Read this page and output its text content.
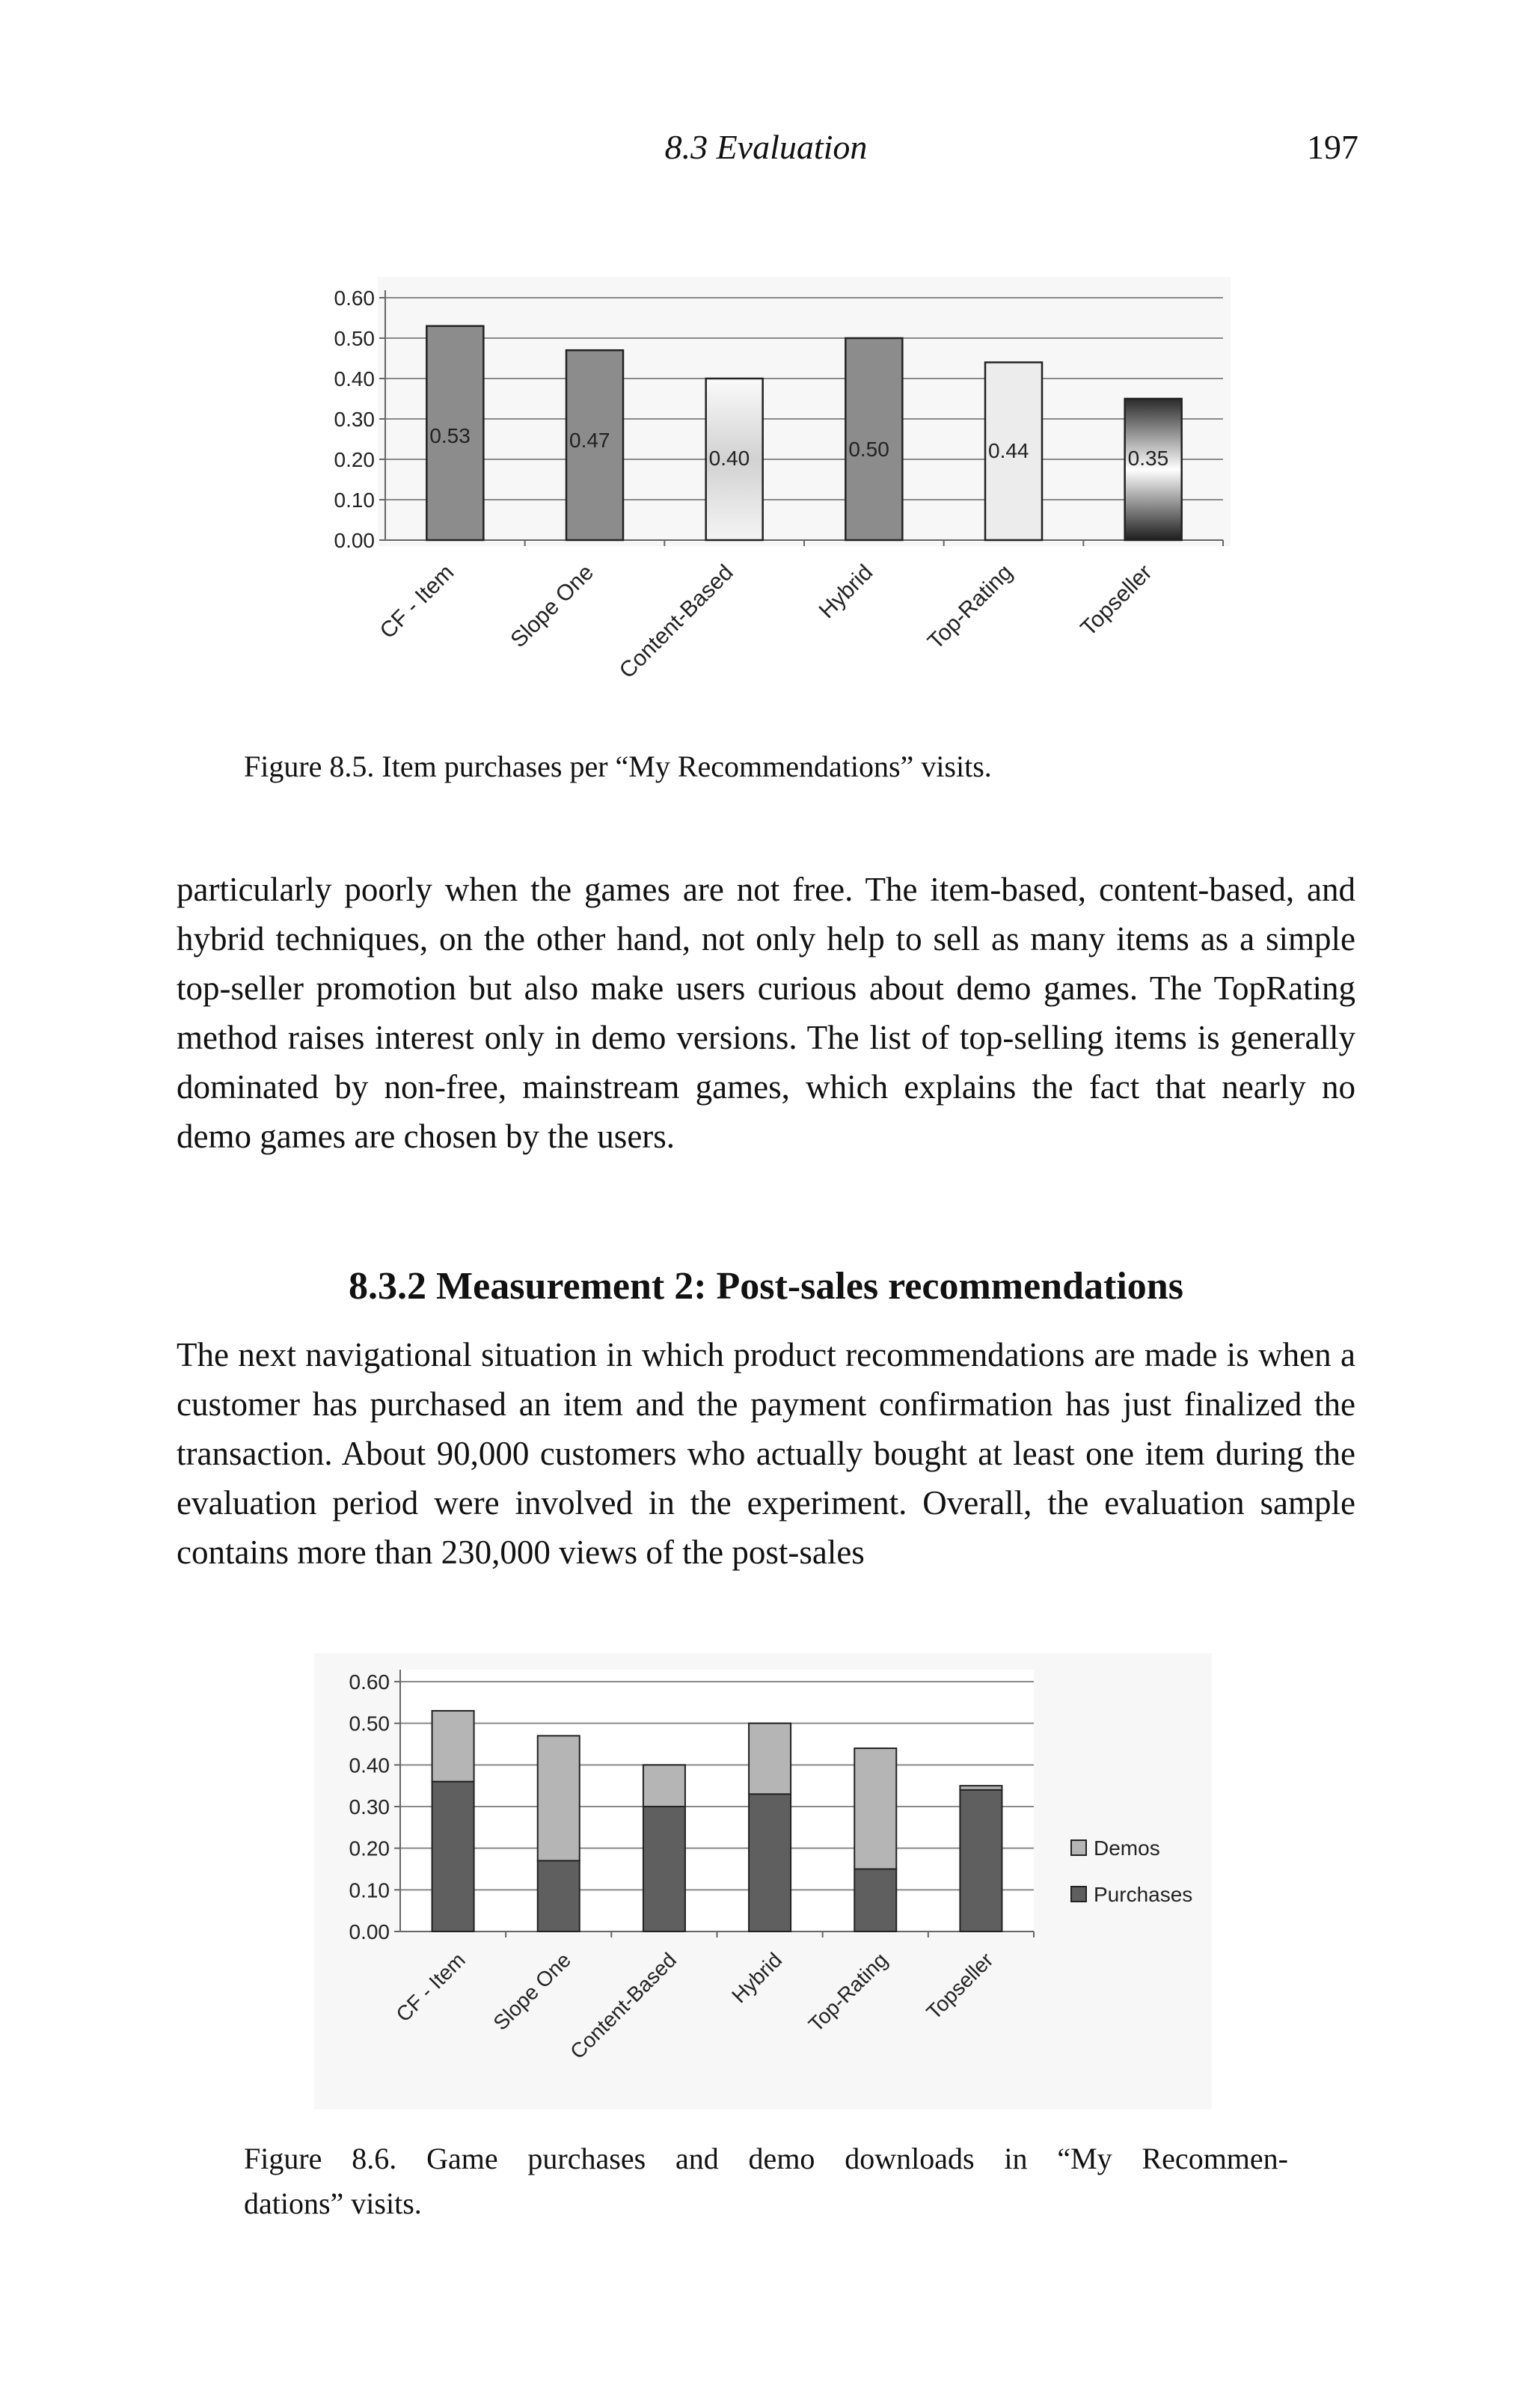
8.3 Evaluation	197
0.00
0.10
0.20
0.30
0.40
0.50
0.60
0.53
CF - Item
0.47
Slope One
0.40
Content-Based
0.50
Hybrid
0.44
Top-Rating
0.35
Topseller
Figure 8.5. Item purchases per “My Recommendations” visits.

particularly poorly when the games are not free. The item-based, content-based, and hybrid techniques, on the other hand, not only help to sell as many items as a simple top-seller promotion but also make users curious about demo games. The TopRating method raises interest only in demo versions. The list of top-selling items is generally dominated by non-free, mainstream games, which explains the fact that nearly no demo games are chosen by the users.

8.3.2 Measurement 2: Post-sales recommendations

The next navigational situation in which product recommendations are made is when a customer has purchased an item and the payment confirmation has just finalized the transaction. About 90,000 customers who actually bought at least one item during the evaluation period were involved in the experiment. Overall, the evaluation sample contains more than 230,000 views of the post-sales

0.00
0.10
0.20
0.30
0.40
0.50
0.60
CF - Item Slope One
Content-Based Hybrid Top-Rating Topseller
Demos
Purchases
Figure 8.6. Game purchases and demo downloads in “My Recommen-
dations” visits.
